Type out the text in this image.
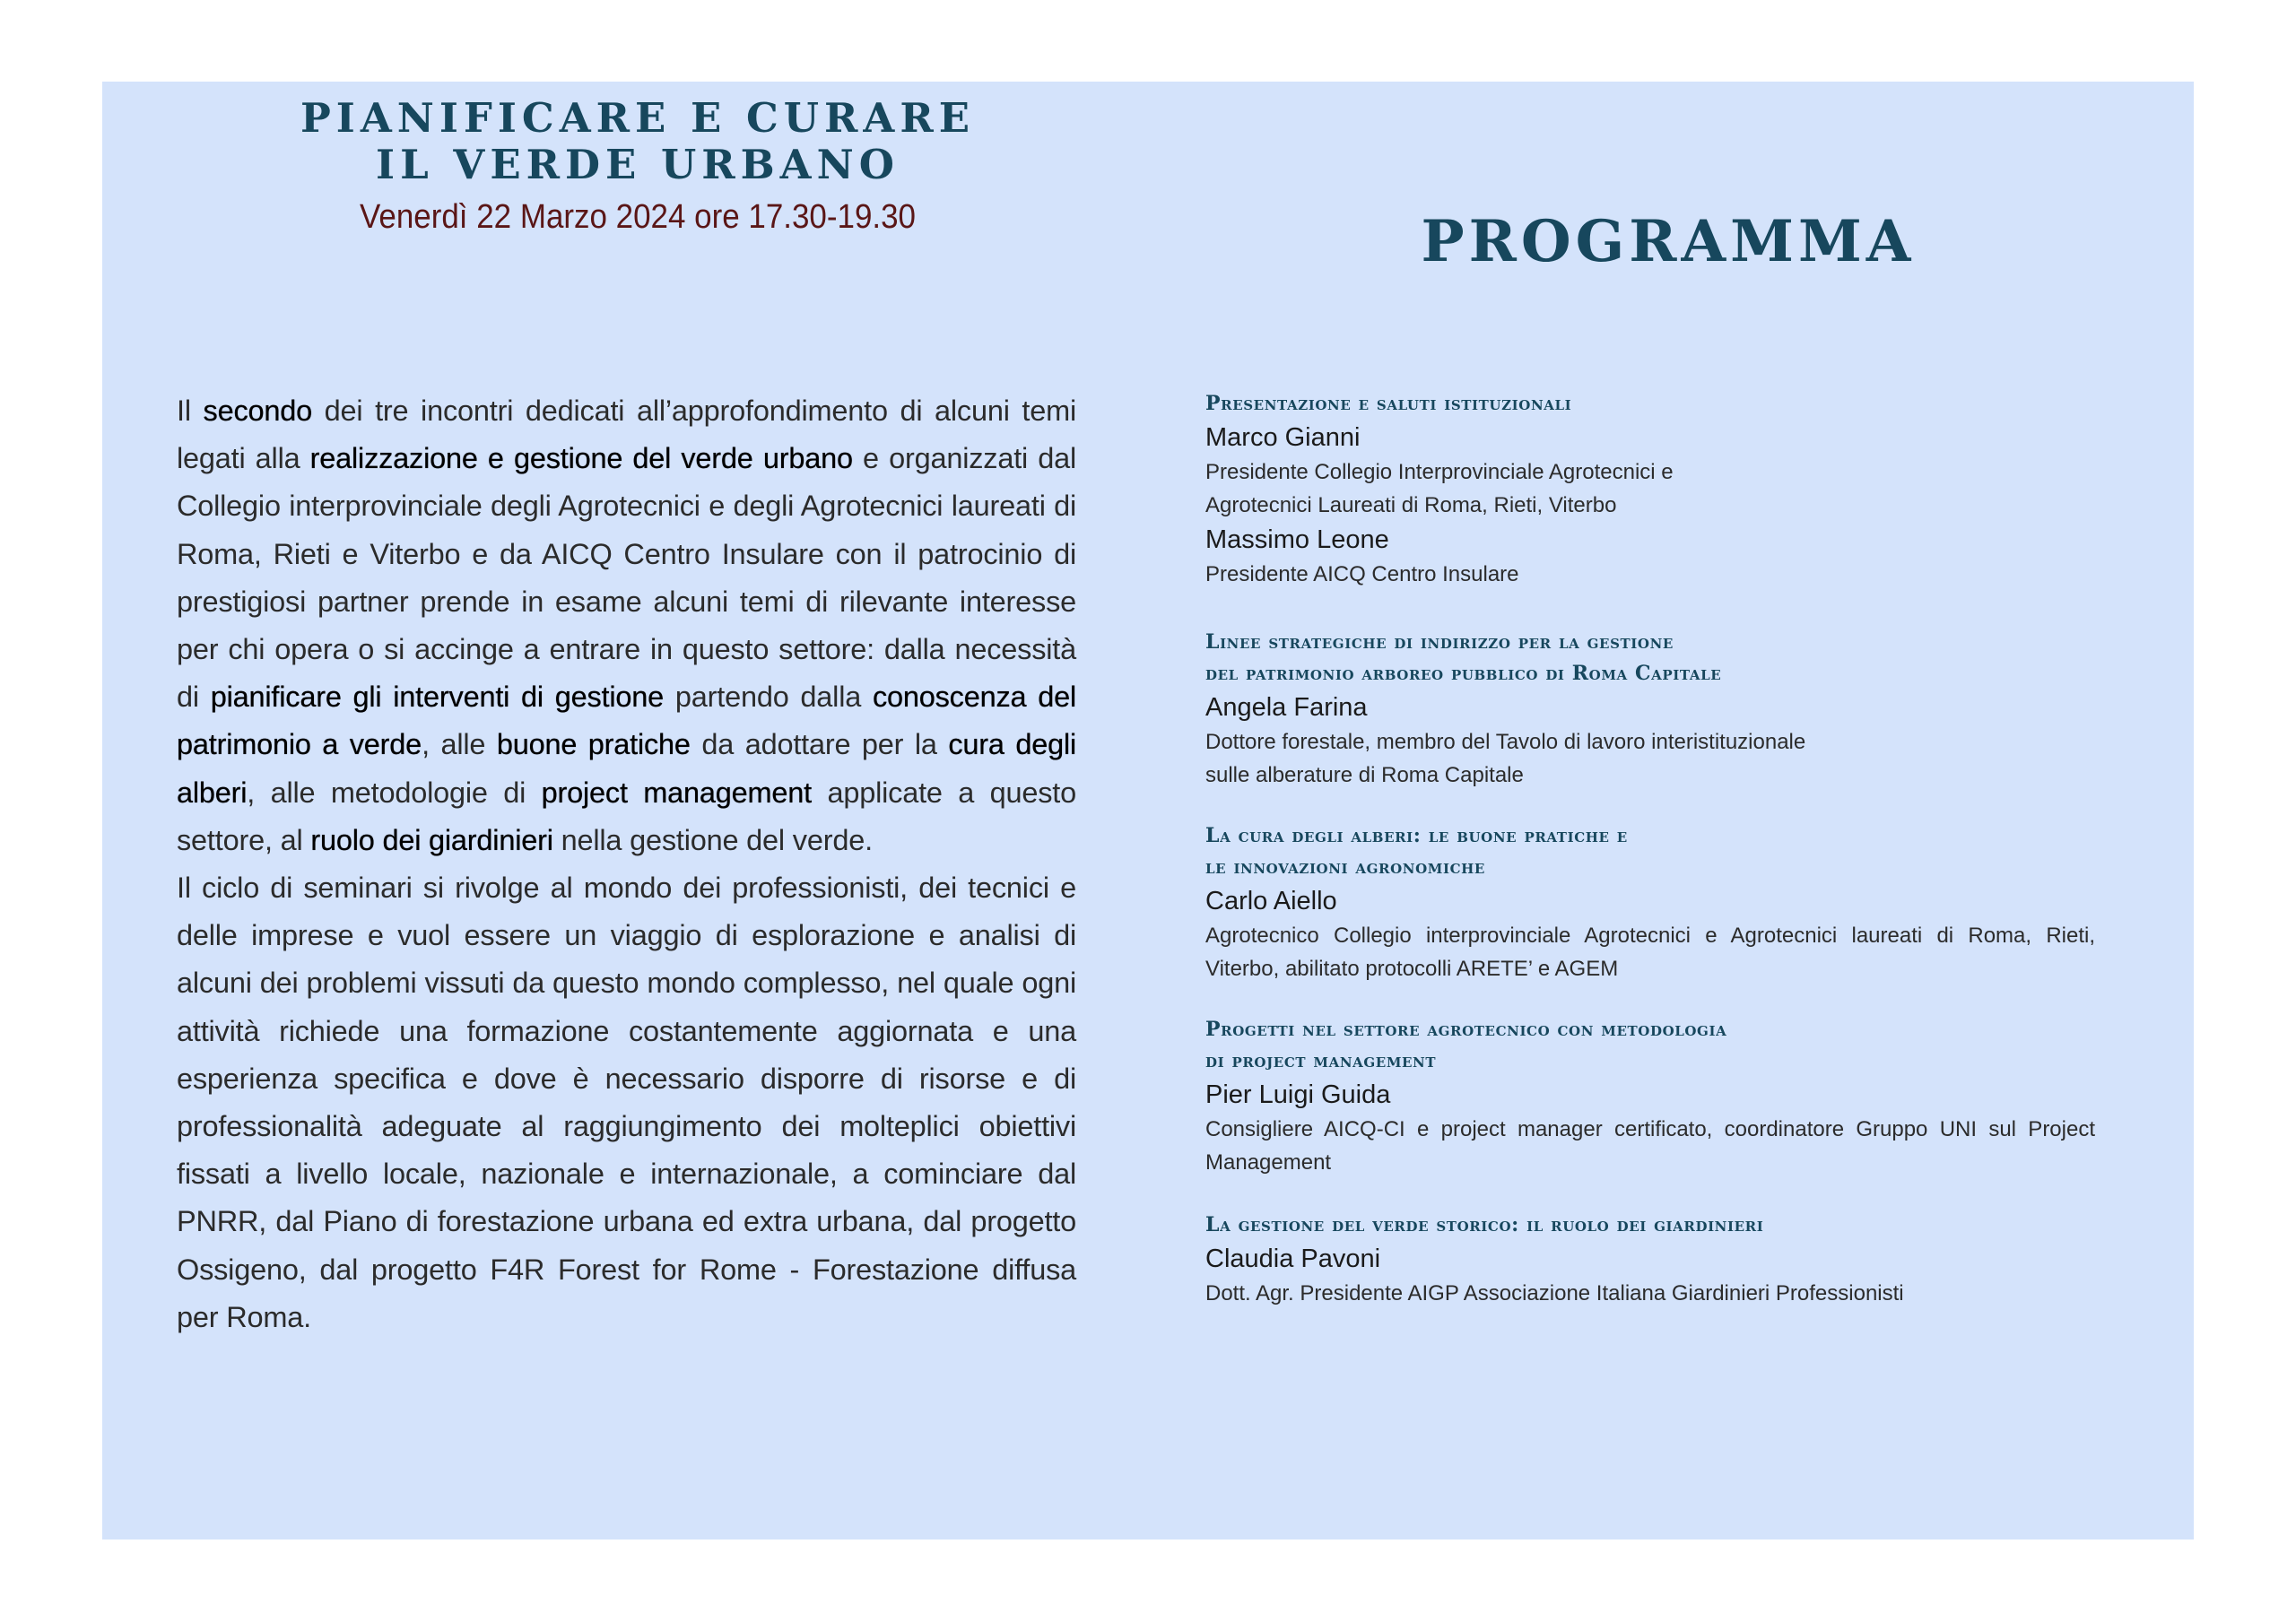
PIANIFICARE E CURARE
IL VERDE URBANO
Venerdì 22 Marzo 2024 ore 17.30-19.30

Il secondo dei tre incontri dedicati all’approfondimento di alcuni temi legati alla realizzazione e gestione del verde urbano e organizzati dal Collegio interprovinciale degli Agrotecnici e degli Agrotecnici laureati di Roma, Rieti e Viterbo e da AICQ Centro Insulare con il patrocinio di prestigiosi partner prende in esame alcuni temi di rilevante interesse per chi opera o si accinge a entrare in questo settore: dalla necessità di pianificare gli interventi di gestione partendo dalla conoscenza del patrimonio a verde, alle buone pratiche da adottare per la cura degli alberi, alle metodologie di project management applicate a questo settore, al ruolo dei giardinieri nella gestione del verde.

Il ciclo di seminari si rivolge al mondo dei professionisti, dei tecnici e delle imprese e vuol essere un viaggio di esplorazione e analisi di alcuni dei problemi vissuti da questo mondo complesso, nel quale ogni attività richiede una formazione costantemente aggiornata e una esperienza specifica e dove è necessario disporre di risorse e di professionalità adeguate al raggiungimento dei molteplici obiettivi fissati a livello locale, nazionale e internazionale, a cominciare dal PNRR, dal Piano di forestazione urbana ed extra urbana, dal progetto Ossigeno, dal progetto F4R Forest for Rome - Forestazione diffusa per Roma.

PROGRAMMA
Presentazione e saluti istituzionali
Marco Gianni
Presidente Collegio Interprovinciale Agrotecnici e
Agrotecnici Laureati di Roma, Rieti, Viterbo
Massimo Leone
Presidente AICQ Centro Insulare
Linee strategiche di indirizzo per la gestione
del patrimonio arboreo pubblico di Roma Capitale
Angela Farina
Dottore forestale, membro del Tavolo di lavoro interistituzionale
sulle alberature di Roma Capitale
La cura degli alberi: le buone pratiche e
le innovazioni agronomiche
Carlo Aiello
Agrotecnico Collegio interprovinciale Agrotecnici e Agrotecnici laureati di Roma, Rieti, Viterbo, abilitato protocolli ARETE’ e AGEM
Progetti nel settore agrotecnico con metodologia
di project management
Pier Luigi Guida
Consigliere AICQ-CI e project manager certificato, coordinatore Gruppo UNI sul Project Management
La gestione del verde storico: il ruolo dei giardinieri
Claudia Pavoni
Dott. Agr. Presidente AIGP Associazione Italiana Giardinieri Professionisti
